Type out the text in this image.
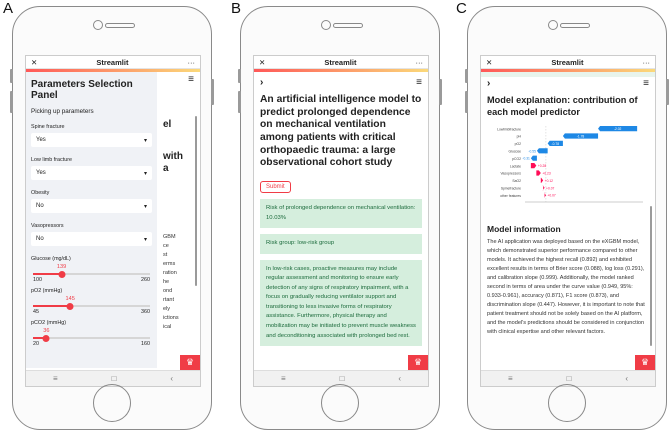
A	B	C
✕	Streamlit	···
≡
el
with
a
GBM
ce
st
erms
ration
he
ond
rtant
ely
ictions
ical
Parameters Selection Panel
Picking up parameters
Spine fracture
Yes	▾
Low limb fracture
Yes	▾
Obesity
No	▾
Vasopressors
No	▾
Glucose (mg/dL)
139
100	260
pO2 (mmHg)
145
45	360
pCO2 (mmHg)
36
20	160
♛
≡	□	‹
✕	Streamlit	···
›	≡
An artificial intelligence model to predict prolonged dependence on mechanical ventilation among patients with critical orthopaedic trauma: a large observational cohort study
Submit
Risk of prolonged dependence on mechanical ventilation: 10.03%
Risk group: low-risk group
In low-risk cases, proactive measures may include regular assessment and monitoring to ensure early detection of any signs of respiratory impairment, with a focus on gradually reducing ventilator support and transitioning to less invasive forms of respiratory assistance. Furthermore, physical therapy and mobilization may be initiated to prevent muscle weakness and deconditioning associated with prolonged bed rest.
♛
≡	□	‹
✕	Streamlit	···
›	≡
Model explanation: contribution of each model predictor
Lowlimbfracture	-2.02
pH	-1.78
pO2	-0.78
Glucose -0.55
pCO2 -0.31
Lactate	+0.28
Vasopressors	+0.23
SaO2	+0.12
Spinefracture	+0.07
other features	+0.07
Model information
The AI application was deployed based on the eXGBM model, which demonstrated superior performance compared to other models. It achieved the highest recall (0.892) and exhibited excellent results in terms of Brier score (0.088), log loss (0.291), and calibration slope (0.999). Additionally, the model ranked second in terms of area under the curve value (0.949, 95%: 0.933-0.961), accuracy (0.871), F1 score (0.873), and discrimination slope (0.447). However, it is important to note that patient treatment should not be solely based on the AI platform, and the model's predictions should be considered in conjunction with clinical expertise and other relevant factors.
♛
≡	□	‹
